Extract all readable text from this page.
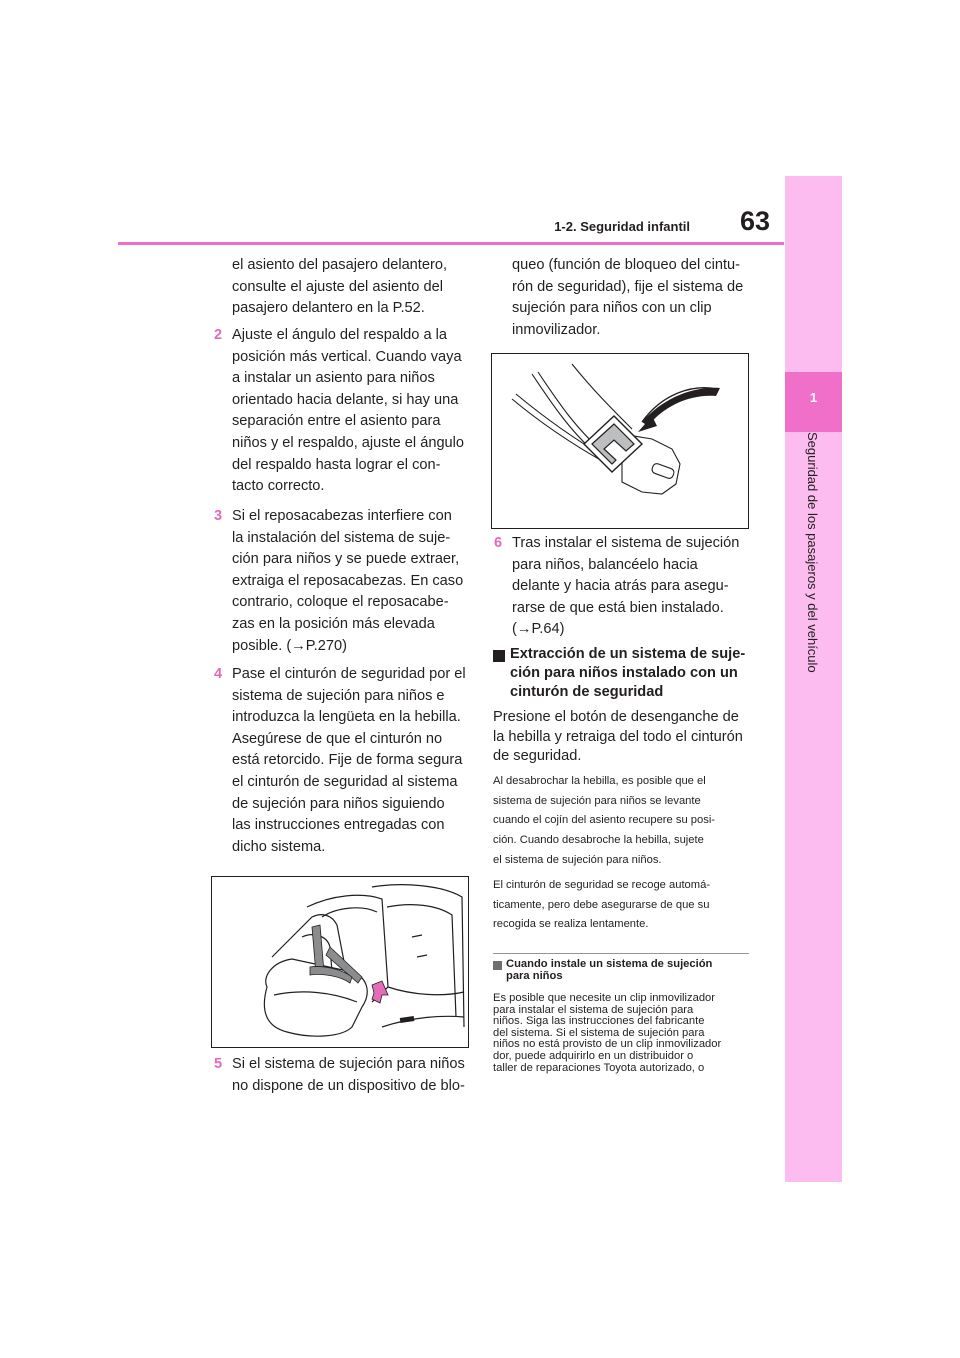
63
1-2. Seguridad infantil
1
Seguridad de los pasajeros y del vehículo
el asiento del pasajero delantero,
consulte el ajuste del asiento del
pasajero delantero en la P.52.
2 Ajuste el ángulo del respaldo a la
posición más vertical. Cuando vaya
a instalar un asiento para niños
orientado hacia delante, si hay una
separación entre el asiento para
niños y el respaldo, ajuste el ángulo
del respaldo hasta lograr el con-
tacto correcto.
3 Si el reposacabezas interfiere con
la instalación del sistema de suje-
ción para niños y se puede extraer,
extraiga el reposacabezas. En caso
contrario, coloque el reposacabe-
zas en la posición más elevada
posible. (→P.270)
4 Pase el cinturón de seguridad por el
sistema de sujeción para niños e
introduzca la lengüeta en la hebilla.
Asegúrese de que el cinturón no
está retorcido. Fije de forma segura
el cinturón de seguridad al sistema
de sujeción para niños siguiendo
las instrucciones entregadas con
dicho sistema.
5 Si el sistema de sujeción para niños
no dispone de un dispositivo de blo-
queo (función de bloqueo del cintu-
rón de seguridad), fije el sistema de
sujeción para niños con un clip
inmovilizador.
6 Tras instalar el sistema de sujeción
para niños, balancéelo hacia
delante y hacia atrás para asegu-
rarse de que está bien instalado.
(→P.64)
Extracción de un sistema de suje-
ción para niños instalado con un
cinturón de seguridad
Presione el botón de desenganche de
la hebilla y retraiga del todo el cinturón
de seguridad.
Al desabrochar la hebilla, es posible que el
sistema de sujeción para niños se levante
cuando el cojín del asiento recupere su posi-
ción. Cuando desabroche la hebilla, sujete
el sistema de sujeción para niños.
El cinturón de seguridad se recoge automá-
ticamente, pero debe asegurarse de que su
recogida se realiza lentamente.
Cuando instale un sistema de sujeción
para niños
Es posible que necesite un clip inmovilizador
para instalar el sistema de sujeción para
niños. Siga las instrucciones del fabricante
del sistema. Si el sistema de sujeción para
niños no está provisto de un clip inmovilizador
dor, puede adquirirlo en un distribuidor o
taller de reparaciones Toyota autorizado, o
